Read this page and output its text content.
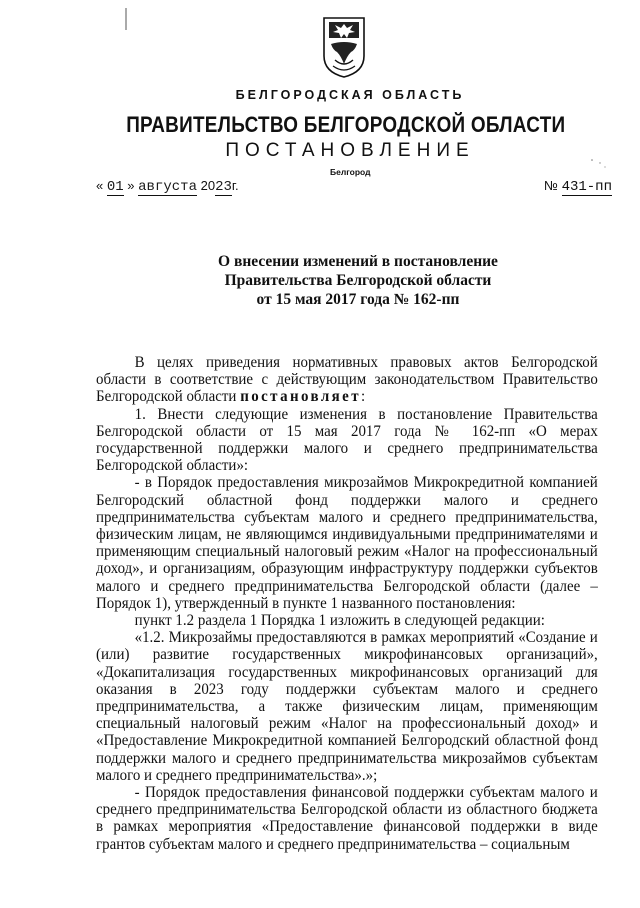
БЕЛГОРОДСКАЯ ОБЛАСТЬ
ПРАВИТЕЛЬСТВО БЕЛГОРОДСКОЙ ОБЛАСТИ
ПОСТАНОВЛЕНИЕ
Белгород
« 01 » августа 2023г.	№ 431-пп
О внесении изменений в постановление
Правительства Белгородской области
от 15 мая 2017 года № 162-пп

В целях приведения нормативных правовых актов Белгородской области в соответствие с действующим законодательством Правительство Белгородской области постановляет:

1. Внести следующие изменения в постановление Правительства Белгородской области от 15 мая 2017 года № 162-пп «О мерах государственной поддержки малого и среднего предпринимательства Белгородской области»:

- в Порядок предоставления микрозаймов Микрокредитной компанией Белгородский областной фонд поддержки малого и среднего предпринимательства субъектам малого и среднего предпринимательства, физическим лицам, не являющимся индивидуальными предпринимателями и применяющим специальный налоговый режим «Налог на профессиональный доход», и организациям, образующим инфраструктуру поддержки субъектов малого и среднего предпринимательства Белгородской области (далее – Порядок 1), утвержденный в пункте 1 названного постановления:

пункт 1.2 раздела 1 Порядка 1 изложить в следующей редакции:

«1.2. Микрозаймы предоставляются в рамках мероприятий «Создание и (или) развитие государственных микрофинансовых организаций», «Докапитализация государственных микрофинансовых организаций для оказания в 2023 году поддержки субъектам малого и среднего предпринимательства, а также физическим лицам, применяющим специальный налоговый режим «Налог на профессиональный доход» и «Предоставление Микрокредитной компанией Белгородский областной фонд поддержки малого и среднего предпринимательства микрозаймов субъектам малого и среднего предпринимательства».»;

- Порядок предоставления финансовой поддержки субъектам малого и среднего предпринимательства Белгородской области из областного бюджета в рамках мероприятия «Предоставление финансовой поддержки в виде грантов субъектам малого и среднего предпринимательства – социальным
